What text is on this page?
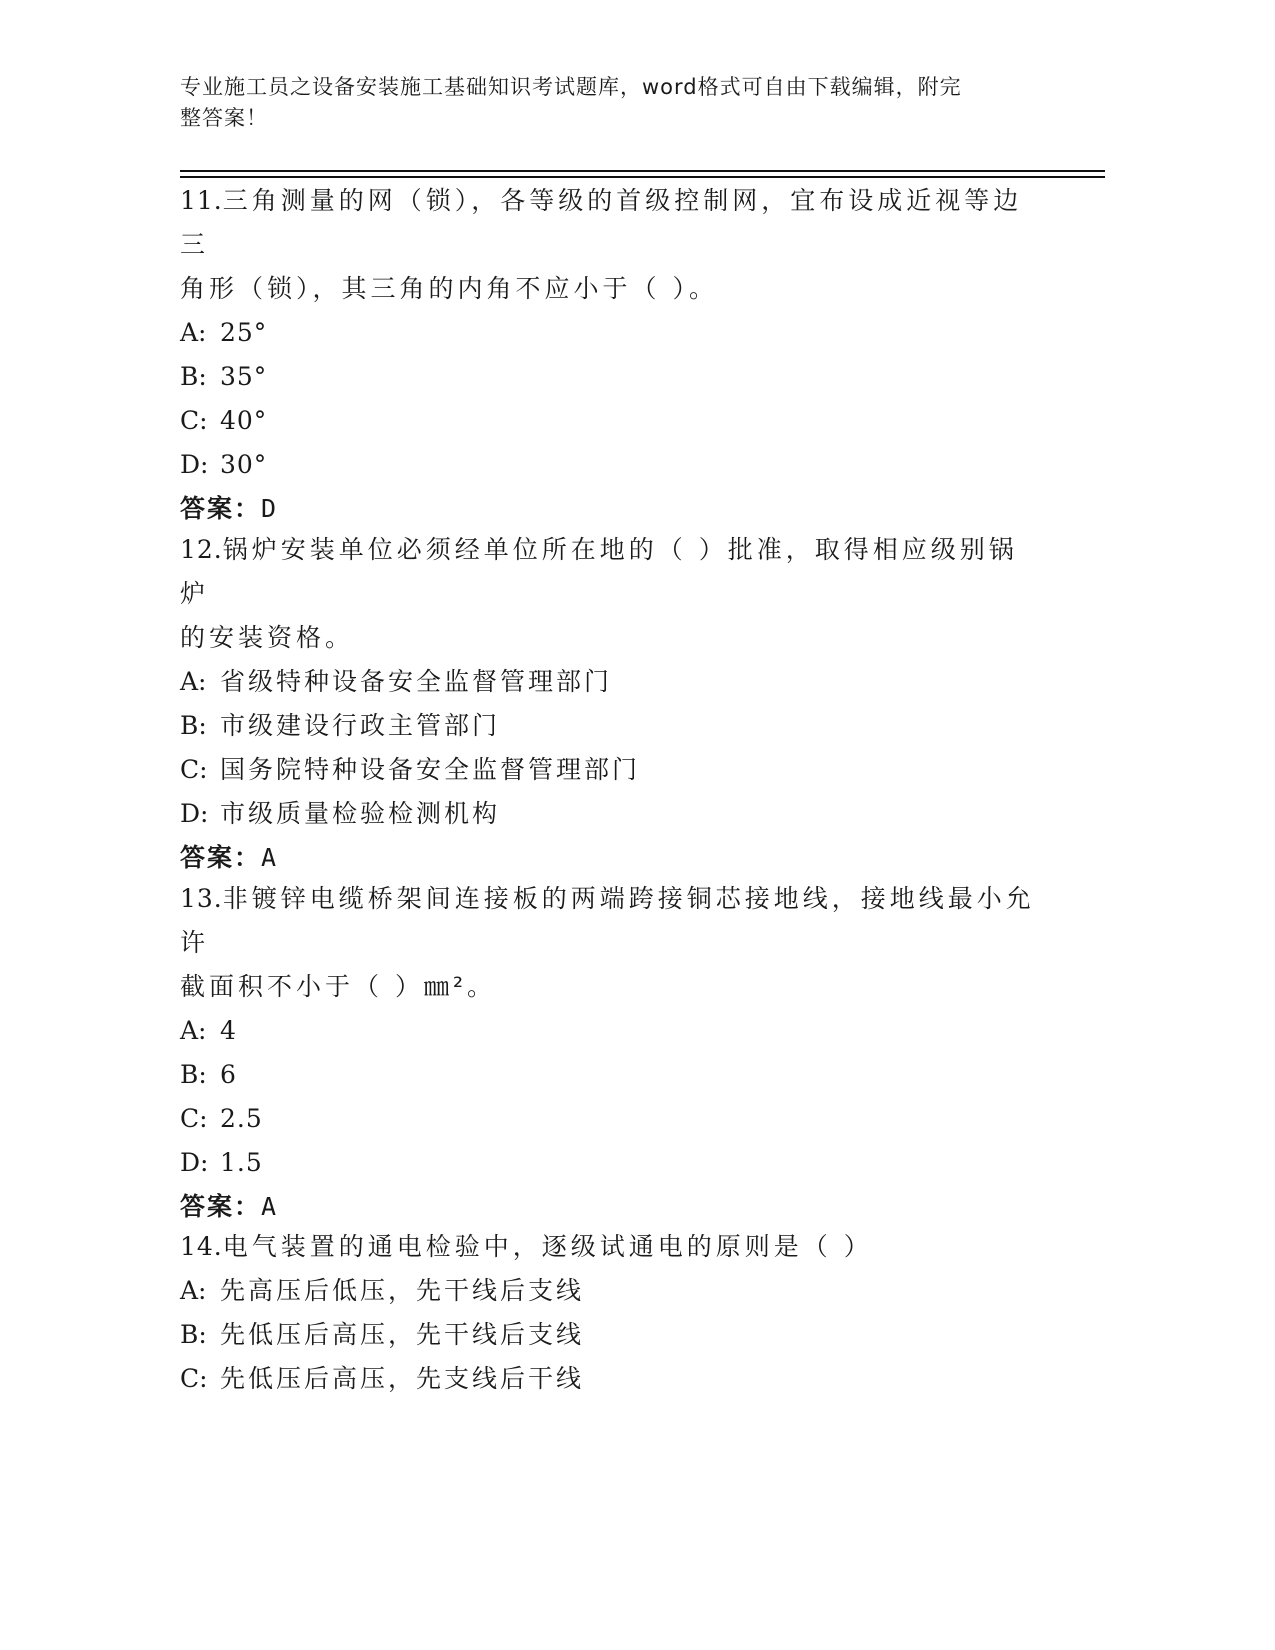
专业施工员之设备安装施工基础知识考试题库，word格式可自由下载编辑，附完
整答案！
11.三角测量的网（锁），各等级的首级控制网，宜布设成近视等边三
角形（锁），其三角的内角不应小于（ ）。
A: 25°
B: 35°
C: 40°
D: 30°
答案：D
12.锅炉安装单位必须经单位所在地的（ ）批准，取得相应级别锅炉
的安装资格。
A: 省级特种设备安全监督管理部门
B: 市级建设行政主管部门
C: 国务院特种设备安全监督管理部门
D: 市级质量检验检测机构
答案：A
13.非镀锌电缆桥架间连接板的两端跨接铜芯接地线，接地线最小允许
截面积不小于（ ）㎜²。
A: 4
B: 6
C: 2.5
D: 1.5
答案：A
14.电气装置的通电检验中，逐级试通电的原则是（ ）
A: 先高压后低压，先干线后支线
B: 先低压后高压，先干线后支线
C: 先低压后高压，先支线后干线
